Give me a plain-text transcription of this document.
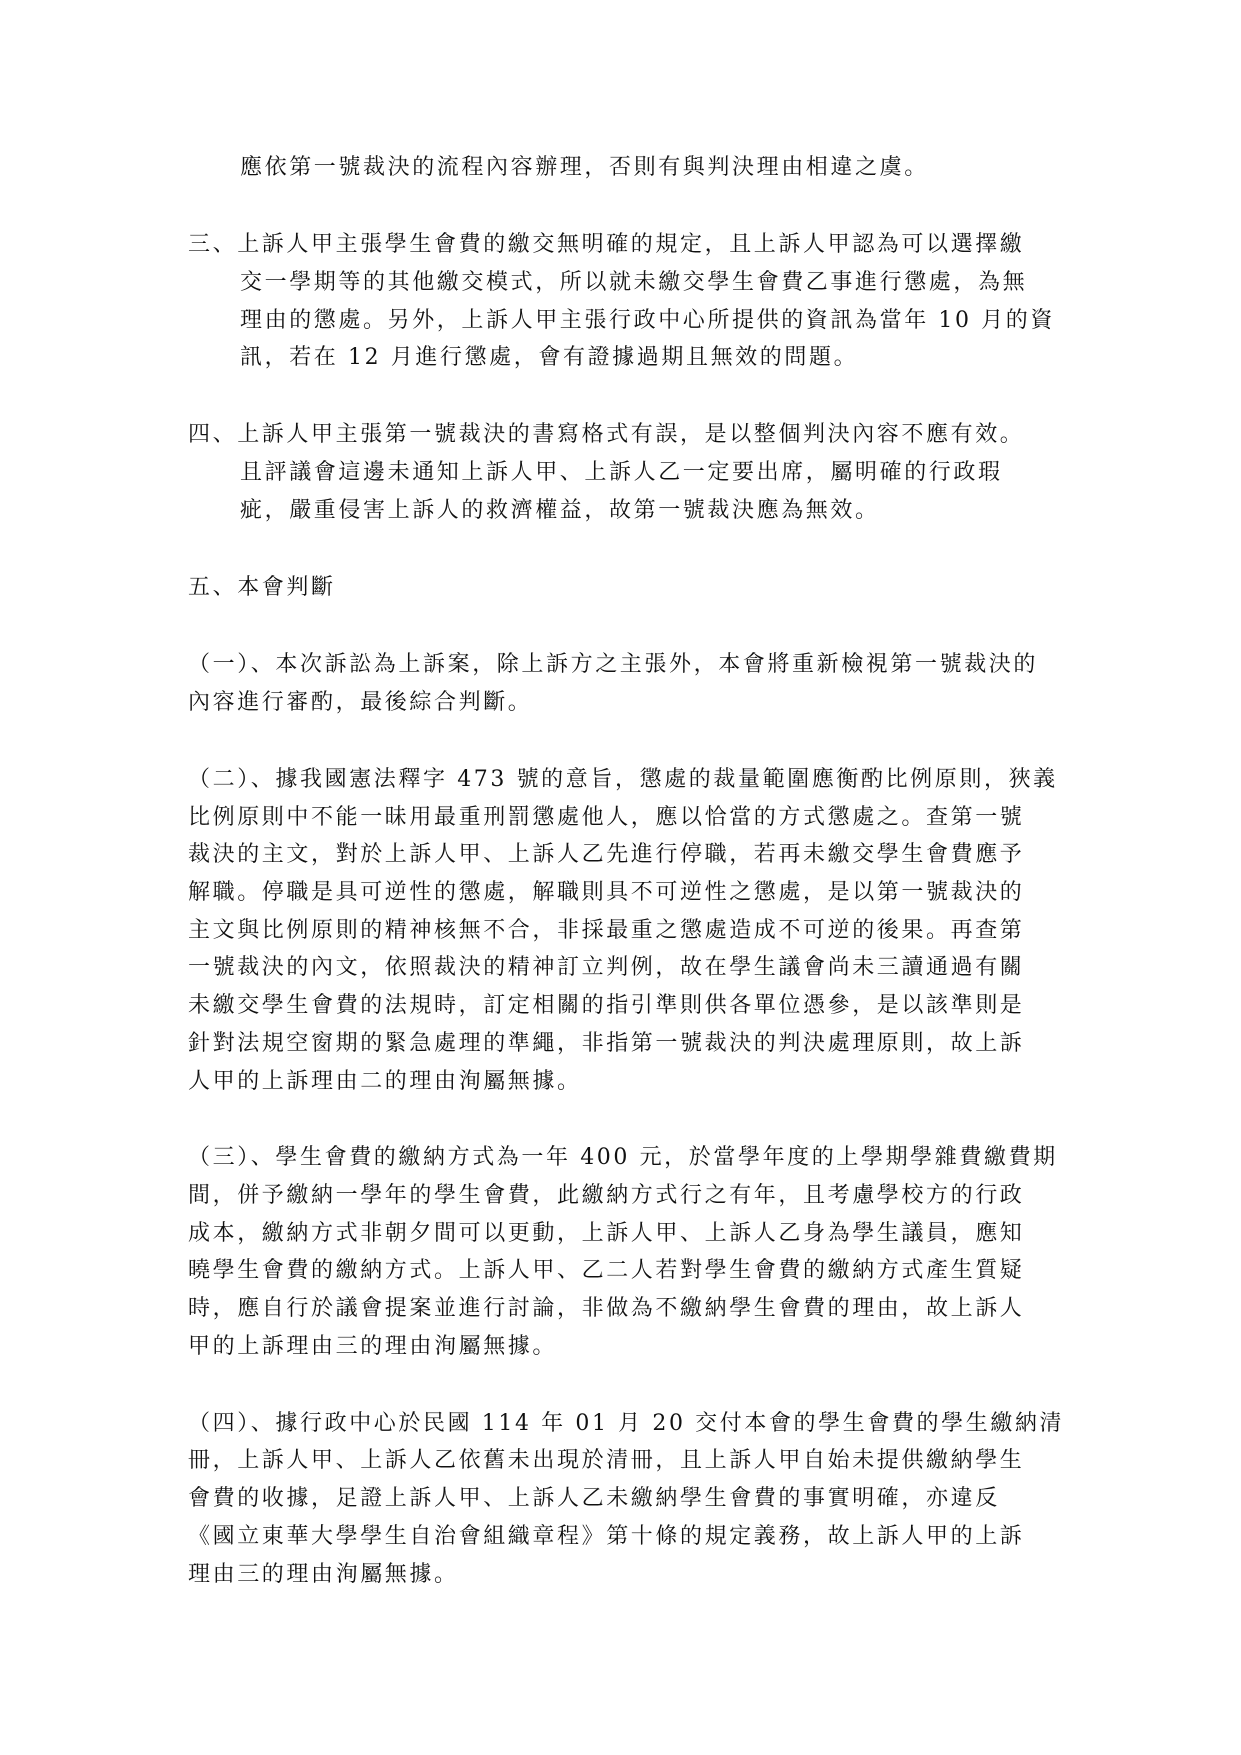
應依第一號裁決的流程內容辦理，否則有與判決理由相違之虞。
三、上訴人甲主張學生會費的繳交無明確的規定，且上訴人甲認為可以選擇繳
交一學期等的其他繳交模式，所以就未繳交學生會費乙事進行懲處，為無
理由的懲處。另外，上訴人甲主張行政中心所提供的資訊為當年 10 月的資
訊，若在 12 月進行懲處，會有證據過期且無效的問題。
四、上訴人甲主張第一號裁決的書寫格式有誤，是以整個判決內容不應有效。
且評議會這邊未通知上訴人甲、上訴人乙一定要出席，屬明確的行政瑕
疵，嚴重侵害上訴人的救濟權益，故第一號裁決應為無效。
五、本會判斷
（一）、本次訴訟為上訴案，除上訴方之主張外，本會將重新檢視第一號裁決的
內容進行審酌，最後綜合判斷。
（二）、據我國憲法釋字 473 號的意旨，懲處的裁量範圍應衡酌比例原則，狹義
比例原則中不能一昧用最重刑罰懲處他人，應以恰當的方式懲處之。查第一號
裁決的主文，對於上訴人甲、上訴人乙先進行停職，若再未繳交學生會費應予
解職。停職是具可逆性的懲處，解職則具不可逆性之懲處，是以第一號裁決的
主文與比例原則的精神核無不合，非採最重之懲處造成不可逆的後果。再查第
一號裁決的內文，依照裁決的精神訂立判例，故在學生議會尚未三讀通過有關
未繳交學生會費的法規時，訂定相關的指引準則供各單位憑參，是以該準則是
針對法規空窗期的緊急處理的準繩，非指第一號裁決的判決處理原則，故上訴
人甲的上訴理由二的理由洵屬無據。
（三）、學生會費的繳納方式為一年 400 元，於當學年度的上學期學雜費繳費期
間，併予繳納一學年的學生會費，此繳納方式行之有年，且考慮學校方的行政
成本，繳納方式非朝夕間可以更動，上訴人甲、上訴人乙身為學生議員，應知
曉學生會費的繳納方式。上訴人甲、乙二人若對學生會費的繳納方式產生質疑
時，應自行於議會提案並進行討論，非做為不繳納學生會費的理由，故上訴人
甲的上訴理由三的理由洵屬無據。
（四）、據行政中心於民國 114 年 01 月 20 交付本會的學生會費的學生繳納清
冊，上訴人甲、上訴人乙依舊未出現於清冊，且上訴人甲自始未提供繳納學生
會費的收據，足證上訴人甲、上訴人乙未繳納學生會費的事實明確，亦違反
《國立東華大學學生自治會組織章程》第十條的規定義務，故上訴人甲的上訴
理由三的理由洵屬無據。
